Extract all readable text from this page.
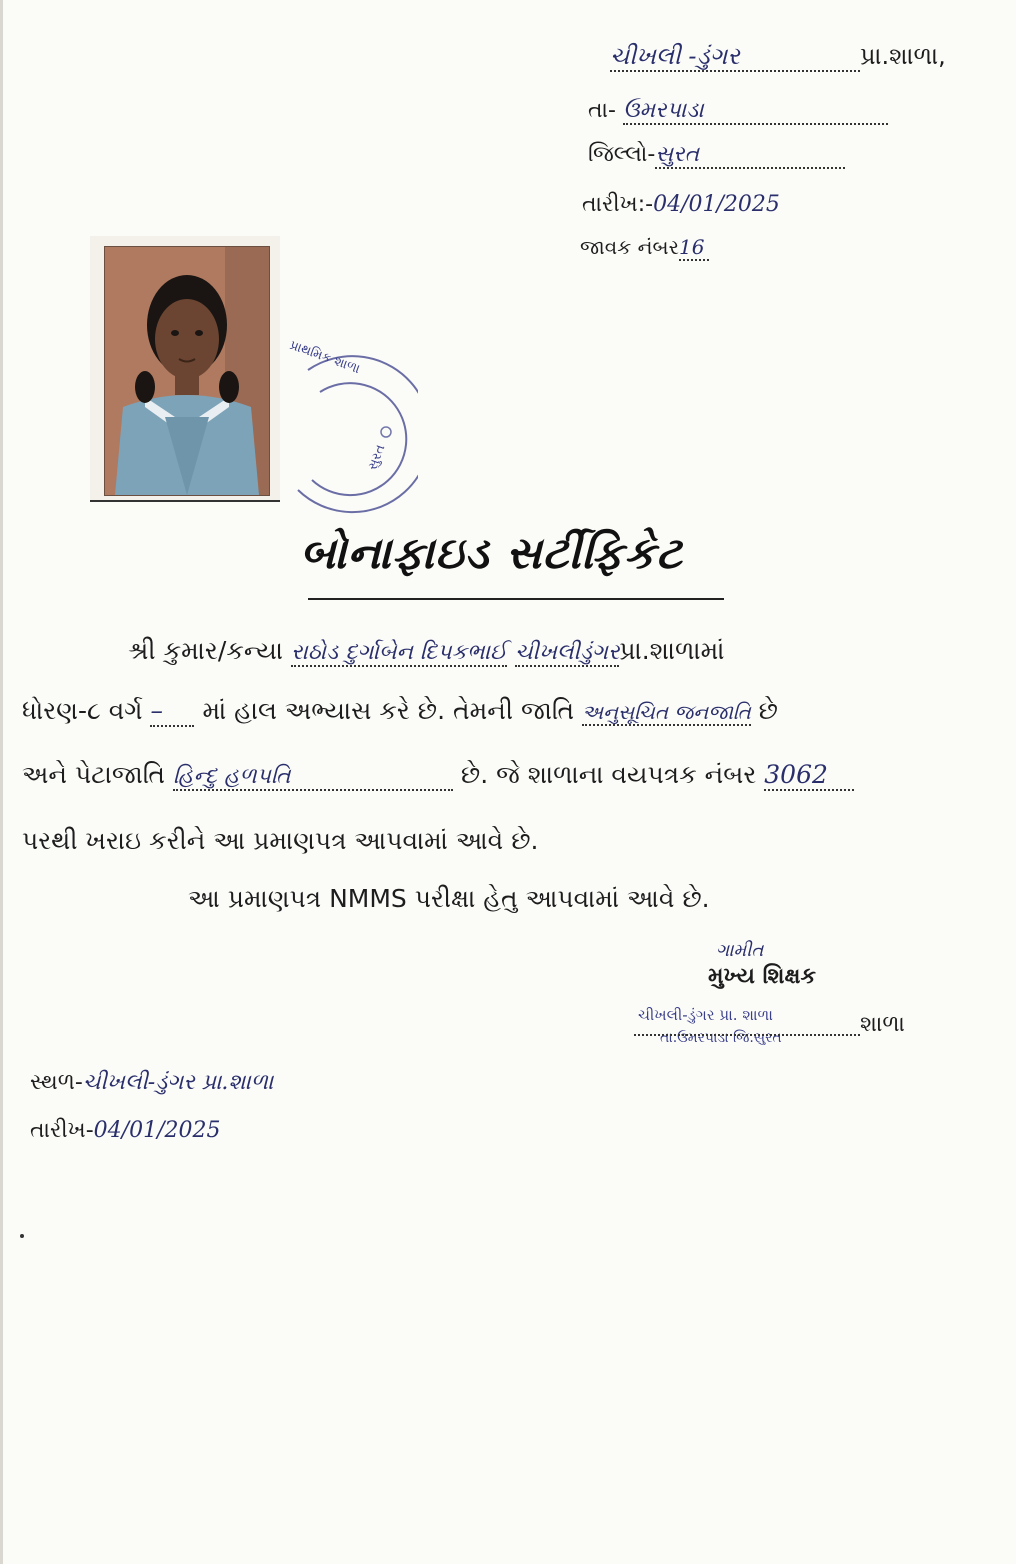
ચીખલી -ડુંગર	પ્રા.શાળા,
તા- ઉમરપાડા
જિલ્લો-સુરત
તારીખ:-04/01/2025
જાવક નંબર16
પ્રાથમિક શાળા
સુરત
બોનાફાઇડ સર્ટીફિકેટ
શ્રી કુમાર/કન્યા રાઠોડ દુર્ગાબેન દિપકભાઈ ચીખલીડુંગરપ્રા.શાળામાં
ધોરણ-૮ વર્ગ – માં હાલ અભ્યાસ કરે છે. તેમની જાતિ અનુસૂચિત જનજાતિ છે
અને પેટાજાતિ હિન્દુ હળપતિ	છે. જે શાળાના વયપત્રક નંબર 3062
પરથી ખરાઇ કરીને આ પ્રમાણપત્ર આપવામાં આવે છે.
આ પ્રમાણપત્ર NMMS પરીક્ષા હેતુ આપવામાં આવે છે.
ગામીત
મુખ્ય શિક્ષક
ચીખલી-ડુંગર પ્રા. શાળા
તા.ઉમરપાડા જિ.સુરત
શાળા
સ્થળ-ચીખલી-ડુંગર પ્રા.શાળા
તારીખ-04/01/2025
